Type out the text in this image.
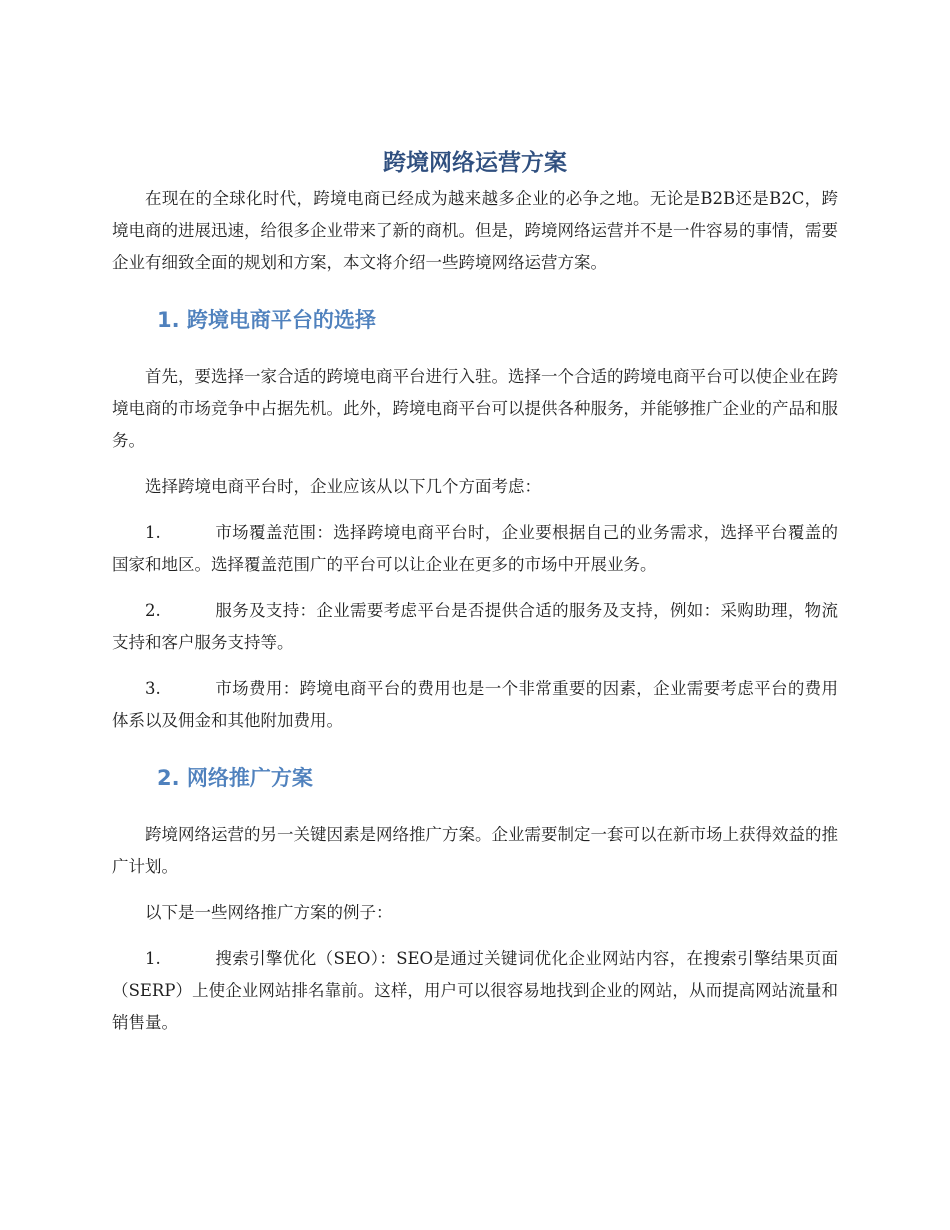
跨境网络运营方案

在现在的全球化时代，跨境电商已经成为越来越多企业的必争之地。无论是B2B还是B2C，跨境电商的进展迅速，给很多企业带来了新的商机。但是，跨境网络运营并不是一件容易的事情，需要企业有细致全面的规划和方案，本文将介绍一些跨境网络运营方案。

1. 跨境电商平台的选择

首先，要选择一家合适的跨境电商平台进行入驻。选择一个合适的跨境电商平台可以使企业在跨境电商的市场竞争中占据先机。此外，跨境电商平台可以提供各种服务，并能够推广企业的产品和服务。

选择跨境电商平台时，企业应该从以下几个方面考虑：

1.	市场覆盖范围：选择跨境电商平台时，企业要根据自己的业务需求，选择平台覆盖的国家和地区。选择覆盖范围广的平台可以让企业在更多的市场中开展业务。

2.	服务及支持：企业需要考虑平台是否提供合适的服务及支持，例如：采购助理，物流支持和客户服务支持等。

3.	市场费用：跨境电商平台的费用也是一个非常重要的因素，企业需要考虑平台的费用体系以及佣金和其他附加费用。

2. 网络推广方案

跨境网络运营的另一关键因素是网络推广方案。企业需要制定一套可以在新市场上获得效益的推广计划。

以下是一些网络推广方案的例子：

1.	搜索引擎优化（SEO）：SEO是通过关键词优化企业网站内容，在搜索引擎结果页面（SERP）上使企业网站排名靠前。这样，用户可以很容易地找到企业的网站，从而提高网站流量和销售量。
